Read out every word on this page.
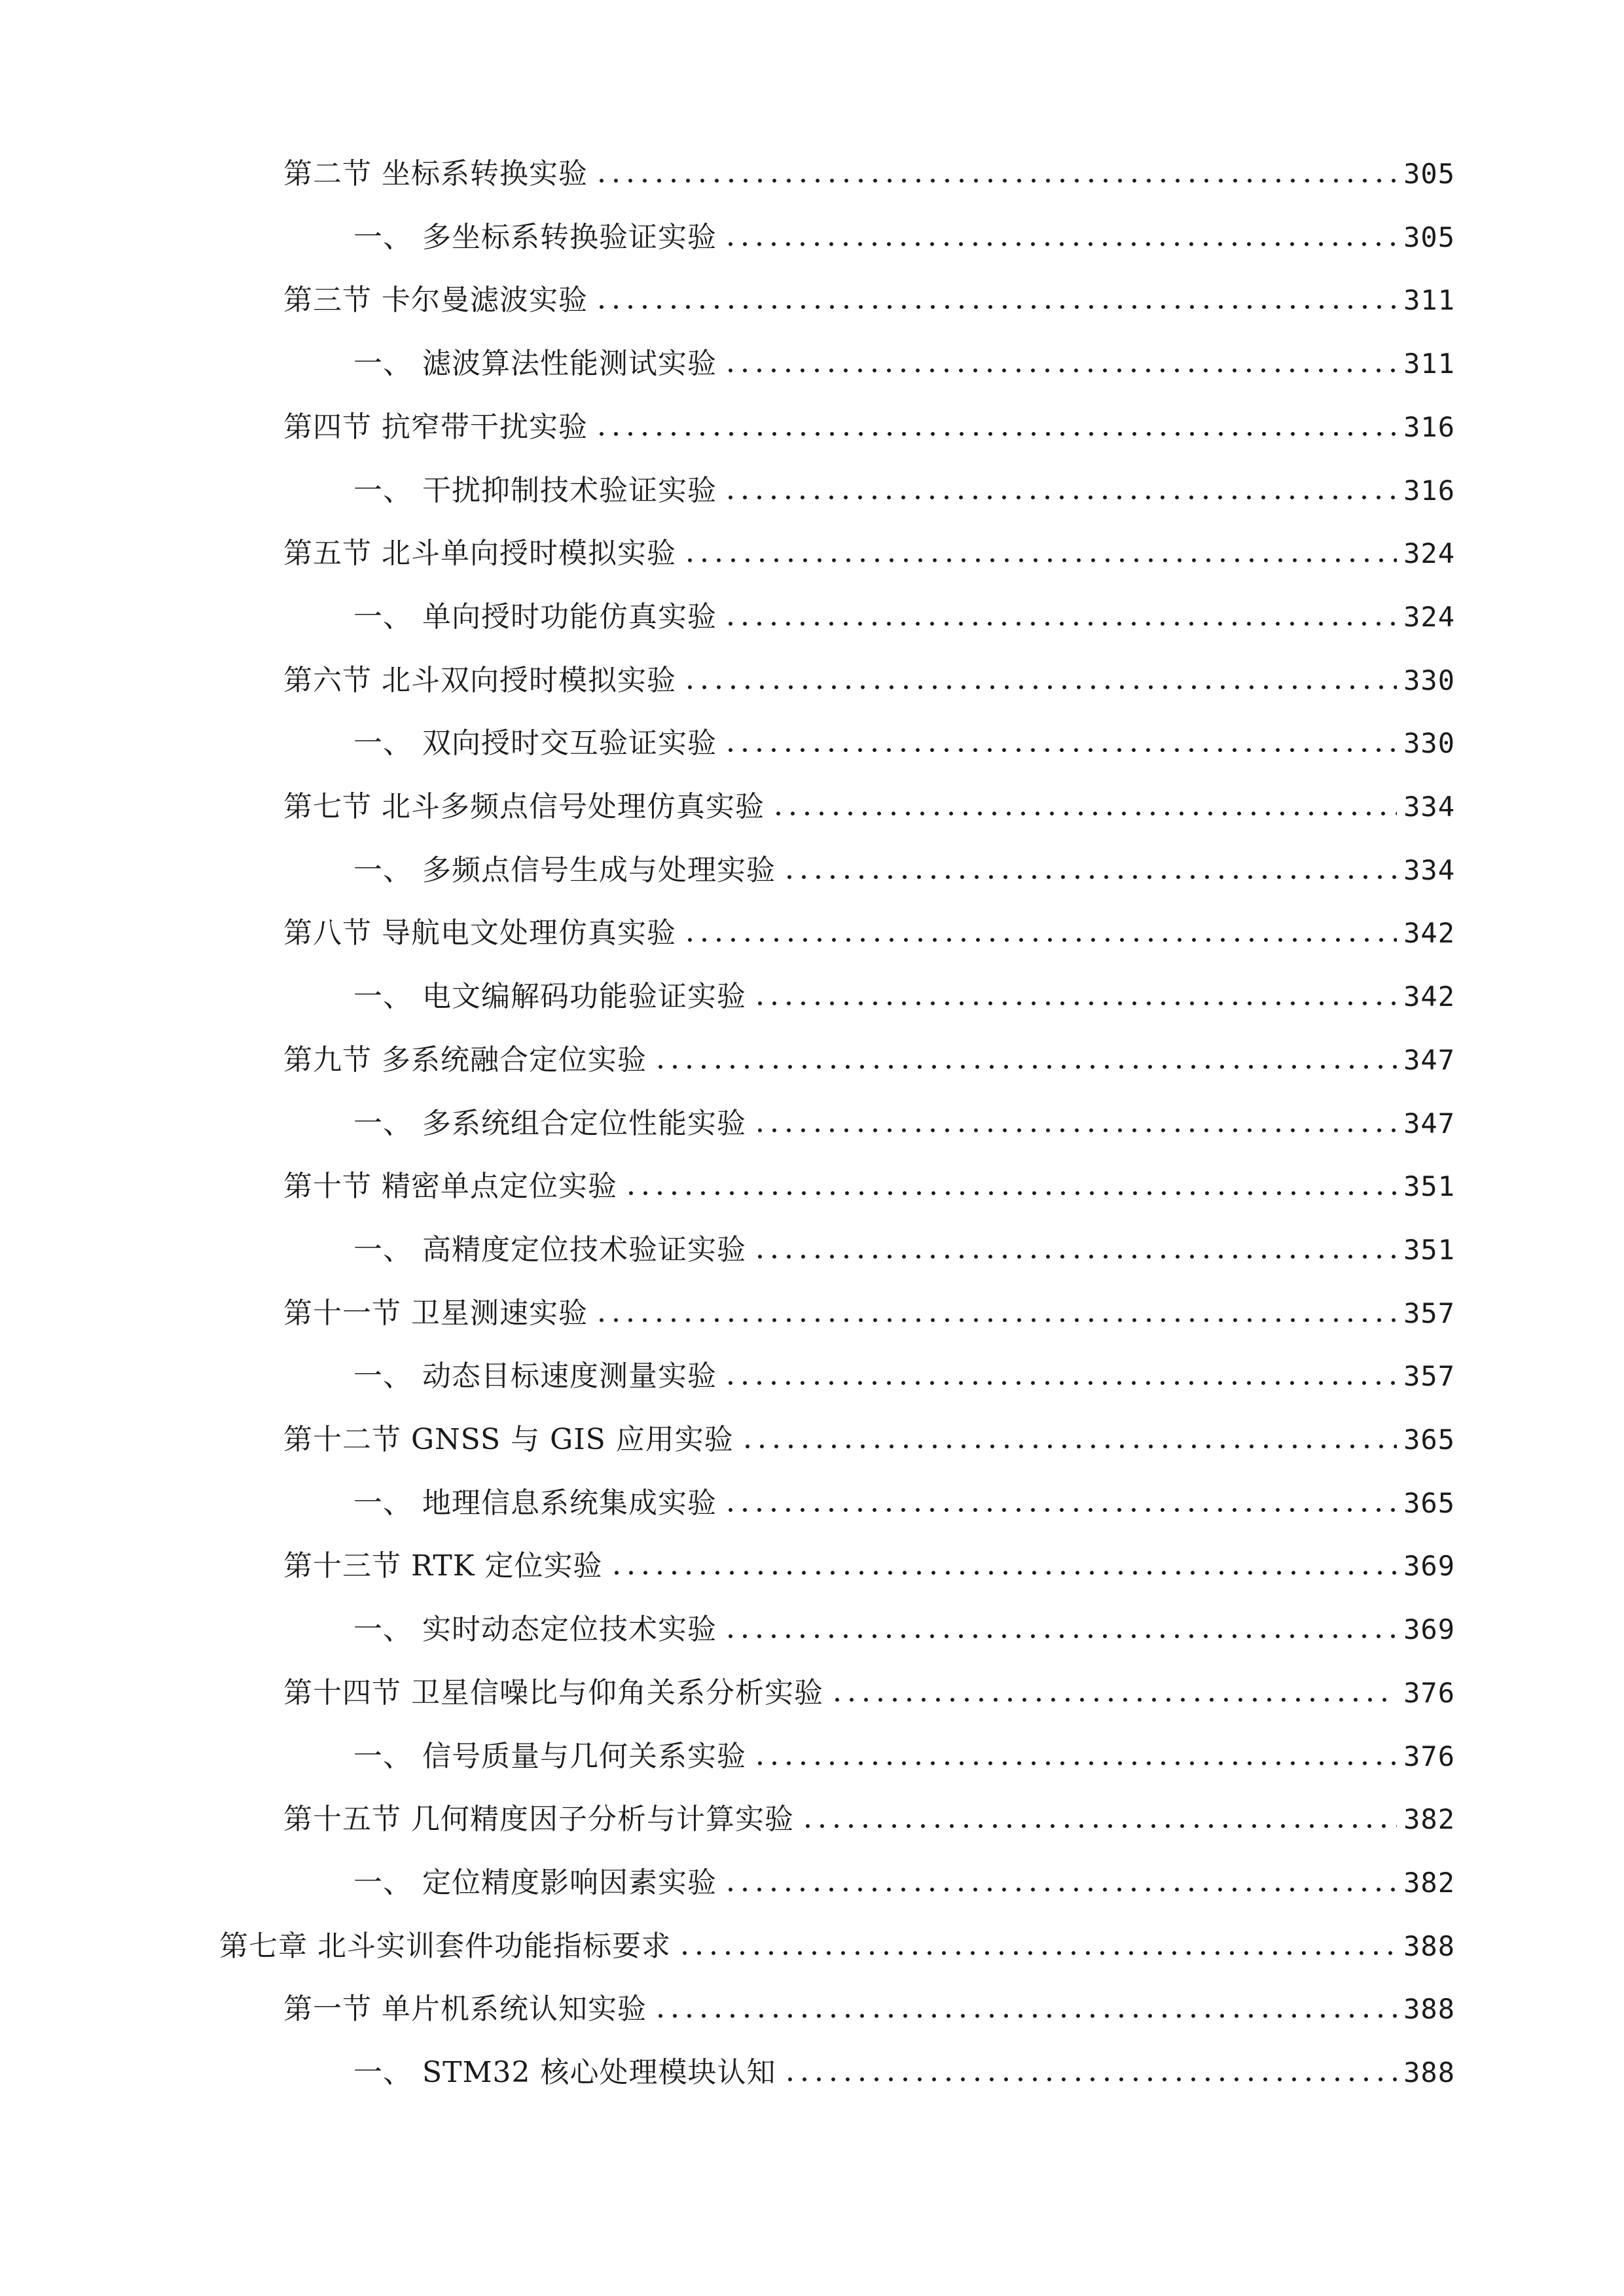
第二节 坐标系转换实验	305
一、 多坐标系转换验证实验	305
第三节 卡尔曼滤波实验	311
一、 滤波算法性能测试实验	311
第四节 抗窄带干扰实验	316
一、 干扰抑制技术验证实验	316
第五节 北斗单向授时模拟实验	324
一、 单向授时功能仿真实验	324
第六节 北斗双向授时模拟实验	330
一、 双向授时交互验证实验	330
第七节 北斗多频点信号处理仿真实验	334
一、 多频点信号生成与处理实验	334
第八节 导航电文处理仿真实验	342
一、 电文编解码功能验证实验	342
第九节 多系统融合定位实验	347
一、 多系统组合定位性能实验	347
第十节 精密单点定位实验	351
一、 高精度定位技术验证实验	351
第十一节 卫星测速实验	357
一、 动态目标速度测量实验	357
第十二节 GNSS 与 GIS 应用实验	365
一、 地理信息系统集成实验	365
第十三节 RTK 定位实验	369
一、 实时动态定位技术实验	369
第十四节 卫星信噪比与仰角关系分析实验	376
一、 信号质量与几何关系实验	376
第十五节 几何精度因子分析与计算实验	382
一、 定位精度影响因素实验	382
第七章 北斗实训套件功能指标要求	388
第一节 单片机系统认知实验	388
一、 STM32 核心处理模块认知	388
